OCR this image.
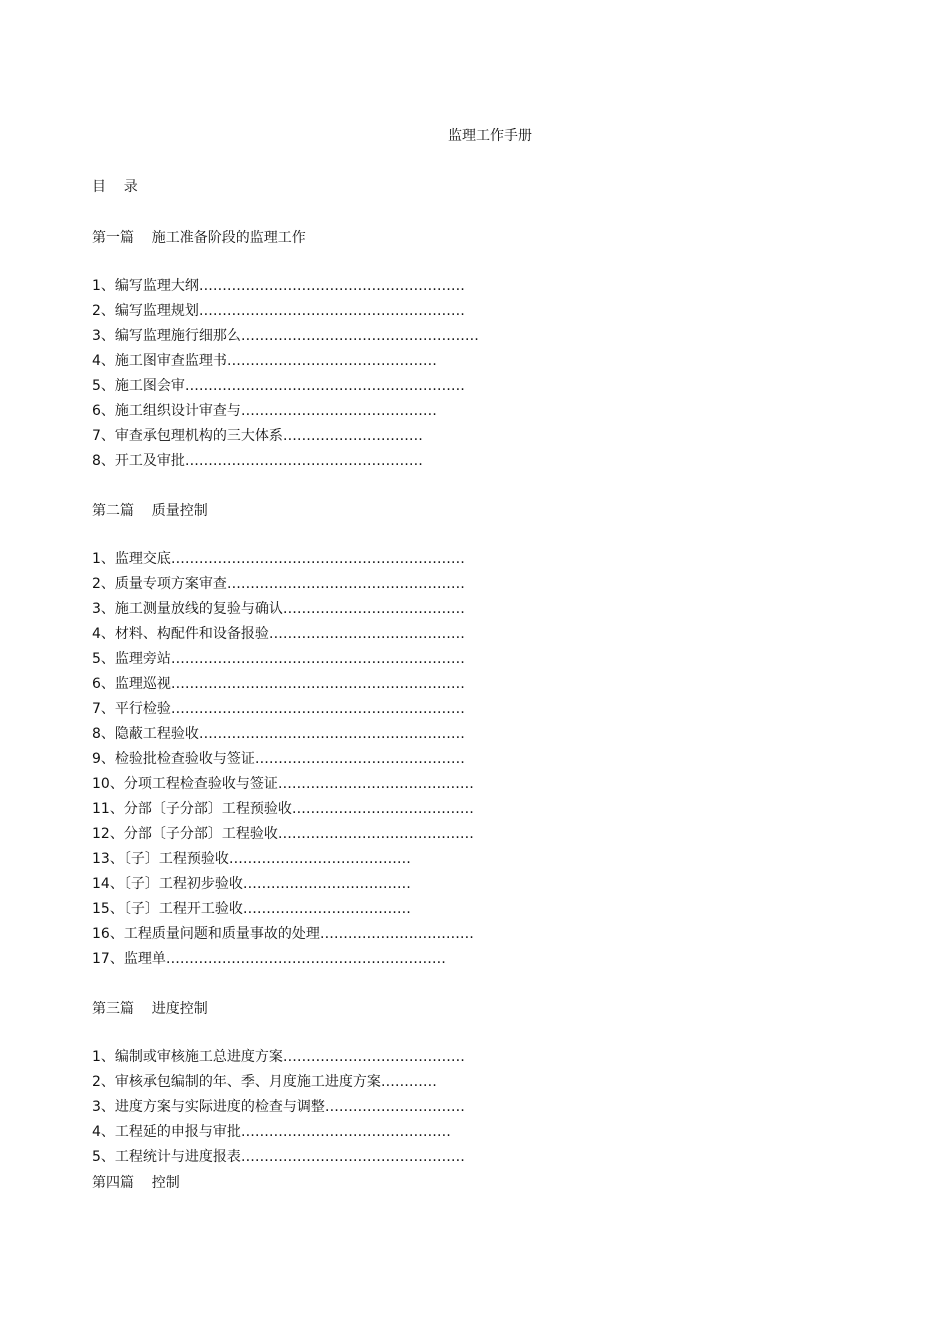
监理工作手册
目    录
第一篇    施工准备阶段的监理工作
1、编写监理大纲…………………………………………………
2、编写监理规划…………………………………………………
3、编写监理施行细那么……………………………………………
4、施工图审查监理书………………………………………
5、施工图会审……………………………………………………
6、施工组织设计审查与……………………………………
7、审查承包理机构的三大体系…………………………
8、开工及审批……………………………………………
第二篇    质量控制
1、监理交底………………………………………………………
2、质量专项方案审查……………………………………………
3、施工测量放线的复验与确认…………………………………
4、材料、构配件和设备报验……………………………………
5、监理旁站………………………………………………………
6、监理巡视………………………………………………………
7、平行检验………………………………………………………
8、隐蔽工程验收…………………………………………………
9、检验批检查验收与签证………………………………………
10、分项工程检查验收与签证……………………………………
11、分部〔子分部〕工程预验收…………………………………
12、分部〔子分部〕工程验收……………………………………
13、〔子〕工程预验收…………………………………
14、〔子〕工程初步验收………………………………
15、〔子〕工程开工验收………………………………
16、工程质量问题和质量事故的处理……………………………
17、监理单……………………………………………………
第三篇    进度控制
1、编制或审核施工总进度方案…………………………………
2、审核承包编制的年、季、月度施工进度方案…………
3、进度方案与实际进度的检查与调整…………………………
4、工程延的申报与审批………………………………………
5、工程统计与进度报表…………………………………………
第四篇    控制
